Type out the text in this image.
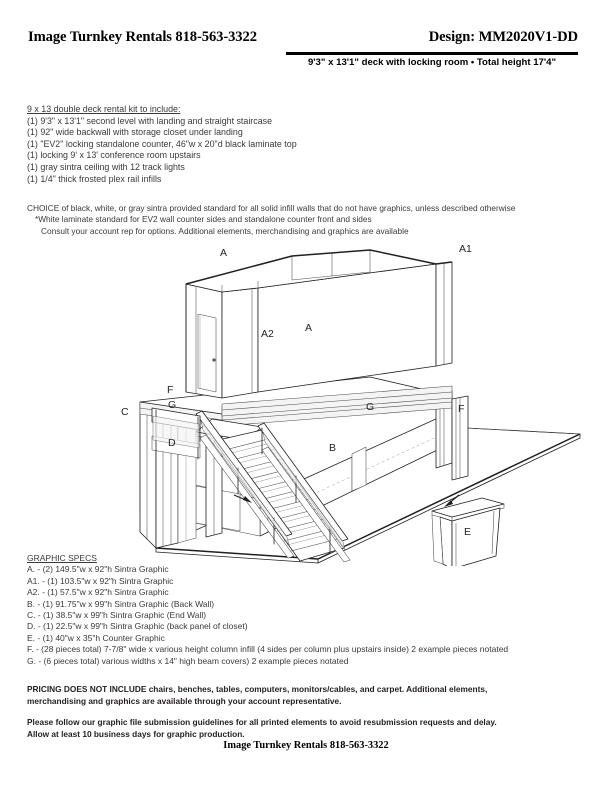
Image Turnkey Rentals 818-563-3322	Design: MM2020V1-DD
9'3" x 13'1" deck with locking room • Total height 17'4"
9 x 13 double deck rental kit to include:
(1) 9'3" x 13'1" second level with landing and straight staircase
(1) 92" wide backwall with storage closet under landing
(1) "EV2" locking standalone counter, 46"w x 20"d black laminate top
(1) locking 9' x 13' conference room upstairs
(1) gray sintra ceiling with 12 track lights
(1) 1/4" thick frosted plex rail infills
CHOICE of black, white, or gray sintra provided standard for all solid infill walls that do not have graphics, unless described otherwise
*White laminate standard for EV2 wall counter sides and standalone counter front and sides
Consult your account rep for options. Additional elements, merchandising and graphics are available
A	A1
A
A2
F
G	G	F
C
D	B
E
GRAPHIC SPECS
A. - (2) 149.5"w x 92"h Sintra Graphic
A1. - (1) 103.5"w x 92"h Sintra Graphic
A2. - (1) 57.5"w x 92"h Sintra Graphic
B. - (1) 91.75"w x 99"h Sintra Graphic (Back Wall)
C. - (1) 38.5"w x 99"h Sintra Graphic (End Wall)
D. - (1) 22.5"w x 99"h Sintra Graphic (back panel of closet)
E. - (1) 40"w x 35"h Counter Graphic
F. - (28 pieces total) 7-7/8" wide x various height column infill (4 sides per column plus upstairs inside) 2 example pieces notated
G. - (6 pieces total) various widths x 14" high beam covers) 2 example pieces notated
PRICING DOES NOT INCLUDE chairs, benches, tables, computers, monitors/cables, and carpet. Additional elements,
merchandising and graphics are available through your account representative.
Please follow our graphic file submission guidelines for all printed elements to avoid resubmission requests and delay.
Allow at least 10 business days for graphic production.
Image Turnkey Rentals 818-563-3322
